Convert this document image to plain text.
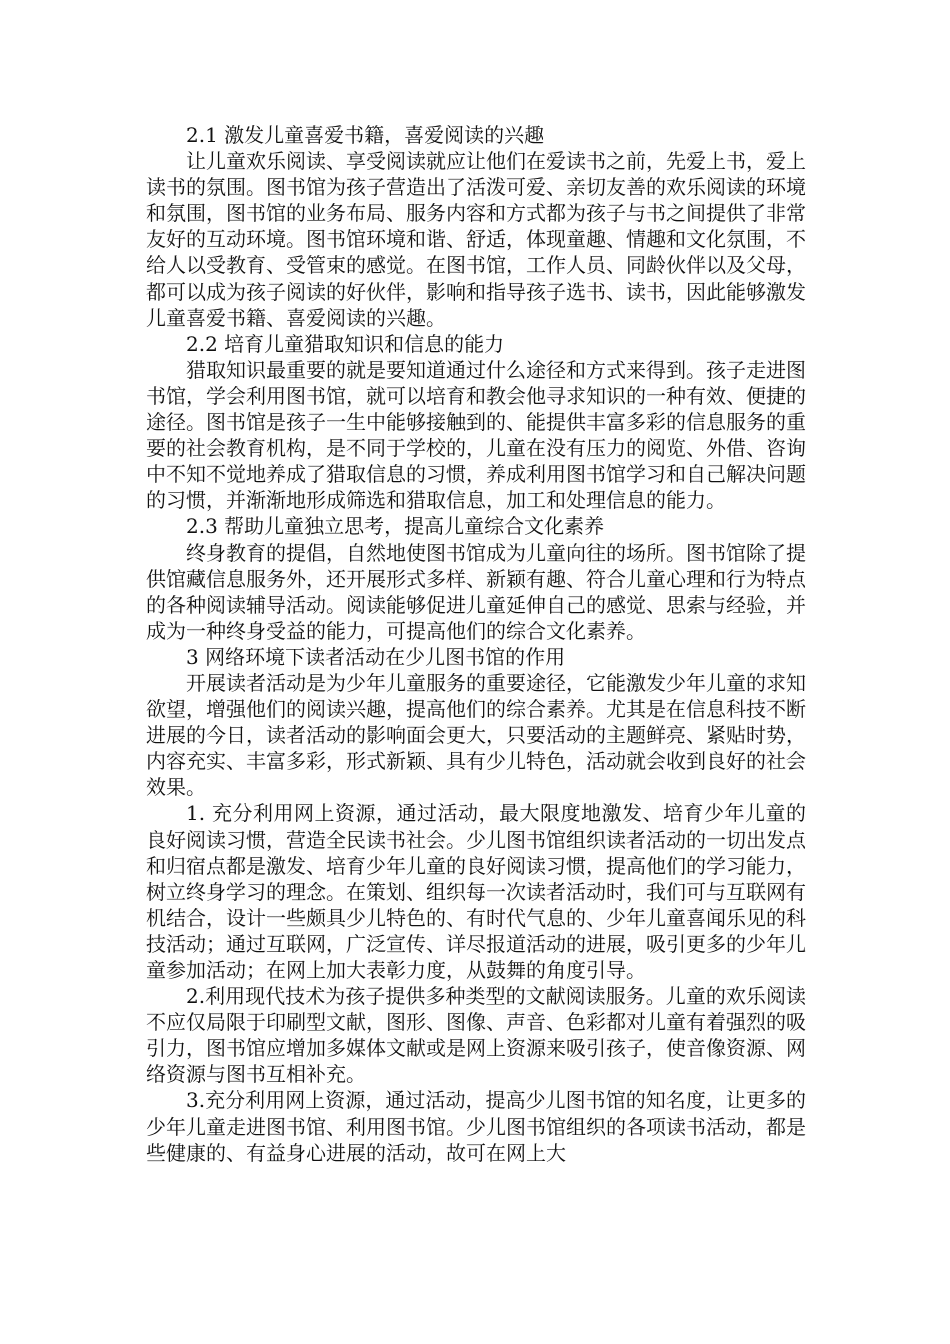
2.1 激发儿童喜爱书籍，喜爱阅读的兴趣

让儿童欢乐阅读、享受阅读就应让他们在爱读书之前，先爱上书，爱上读书的氛围。图书馆为孩子营造出了活泼可爱、亲切友善的欢乐阅读的环境和氛围，图书馆的业务布局、服务内容和方式都为孩子与书之间提供了非常友好的互动环境。图书馆环境和谐、舒适，体现童趣、情趣和文化氛围，不给人以受教育、受管束的感觉。在图书馆，工作人员、同龄伙伴以及父母，都可以成为孩子阅读的好伙伴，影响和指导孩子选书、读书，因此能够激发儿童喜爱书籍、喜爱阅读的兴趣。

2.2 培育儿童猎取知识和信息的能力

猎取知识最重要的就是要知道通过什么途径和方式来得到。孩子走进图书馆，学会利用图书馆，就可以培育和教会他寻求知识的一种有效、便捷的途径。图书馆是孩子一生中能够接触到的、能提供丰富多彩的信息服务的重要的社会教育机构，是不同于学校的，儿童在没有压力的阅览、外借、咨询中不知不觉地养成了猎取信息的习惯，养成利用图书馆学习和自己解决问题的习惯，并渐渐地形成筛选和猎取信息，加工和处理信息的能力。

2.3 帮助儿童独立思考，提高儿童综合文化素养

终身教育的提倡，自然地使图书馆成为儿童向往的场所。图书馆除了提供馆藏信息服务外，还开展形式多样、新颖有趣、符合儿童心理和行为特点的各种阅读辅导活动。阅读能够促进儿童延伸自己的感觉、思索与经验，并成为一种终身受益的能力，可提高他们的综合文化素养。

3 网络环境下读者活动在少儿图书馆的作用

开展读者活动是为少年儿童服务的重要途径，它能激发少年儿童的求知欲望，增强他们的阅读兴趣，提高他们的综合素养。尤其是在信息科技不断进展的今日，读者活动的影响面会更大，只要活动的主题鲜亮、紧贴时势，内容充实、丰富多彩，形式新颖、具有少儿特色，活动就会收到良好的社会效果。

1. 充分利用网上资源，通过活动，最大限度地激发、培育少年儿童的良好阅读习惯，营造全民读书社会。少儿图书馆组织读者活动的一切出发点和归宿点都是激发、培育少年儿童的良好阅读习惯，提高他们的学习能力，树立终身学习的理念。在策划、组织每一次读者活动时，我们可与互联网有机结合，设计一些颇具少儿特色的、有时代气息的、少年儿童喜闻乐见的科技活动；通过互联网，广泛宣传、详尽报道活动的进展，吸引更多的少年儿童参加活动；在网上加大表彰力度，从鼓舞的角度引导。

2.利用现代技术为孩子提供多种类型的文献阅读服务。儿童的欢乐阅读不应仅局限于印刷型文献，图形、图像、声音、色彩都对儿童有着强烈的吸引力，图书馆应增加多媒体文献或是网上资源来吸引孩子，使音像资源、网络资源与图书互相补充。

3.充分利用网上资源，通过活动，提高少儿图书馆的知名度，让更多的少年儿童走进图书馆、利用图书馆。少儿图书馆组织的各项读书活动，都是些健康的、有益身心进展的活动，故可在网上大
